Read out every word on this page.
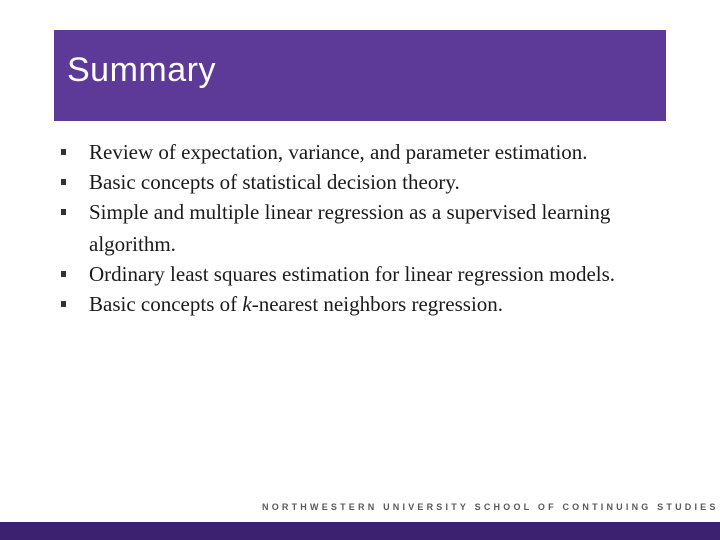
Summary
Review of expectation, variance, and parameter estimation.
Basic concepts of statistical decision theory.
Simple and multiple linear regression as a supervised learning algorithm.
Ordinary least squares estimation for linear regression models.
Basic concepts of k-nearest neighbors regression.
NORTHWESTERN UNIVERSITY SCHOOL OF CONTINUING STUDIES
